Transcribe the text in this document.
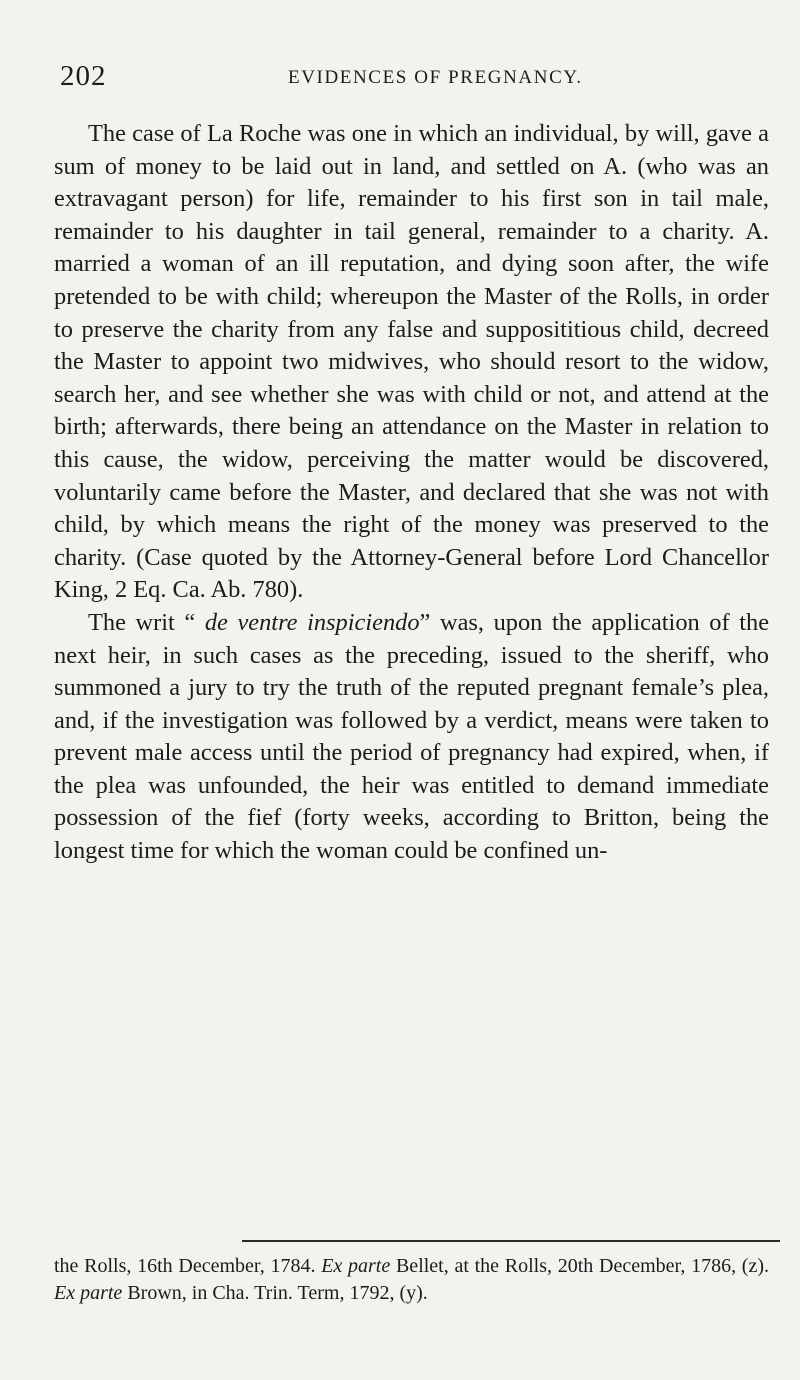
202	EVIDENCES OF PREGNANCY.

The case of La Roche was one in which an individual, by will, gave a sum of money to be laid out in land, and settled on A. (who was an extravagant person) for life, remainder to his first son in tail male, remainder to his daughter in tail general, remainder to a charity. A. married a woman of an ill reputation, and dying soon after, the wife pretended to be with child; whereupon the Master of the Rolls, in order to preserve the charity from any false and supposititious child, decreed the Master to appoint two midwives, who should resort to the widow, search her, and see whether she was with child or not, and attend at the birth; afterwards, there being an attendance on the Master in relation to this cause, the widow, perceiving the matter would be discovered, voluntarily came before the Master, and declared that she was not with child, by which means the right of the money was preserved to the charity. (Case quoted by the Attorney-General before Lord Chancellor King, 2 Eq. Ca. Ab. 780).

The writ “ de ventre inspiciendo” was, upon the application of the next heir, in such cases as the preceding, issued to the sheriff, who summoned a jury to try the truth of the reputed pregnant female’s plea, and, if the investigation was followed by a verdict, means were taken to prevent male access until the period of pregnancy had expired, when, if the plea was unfounded, the heir was entitled to demand immediate possession of the fief (forty weeks, according to Britton, being the longest time for which the woman could be confined un-

the Rolls, 16th December, 1784. Ex parte Bellet, at the Rolls, 20th December, 1786, (z). Ex parte Brown, in Cha. Trin. Term, 1792, (y).
